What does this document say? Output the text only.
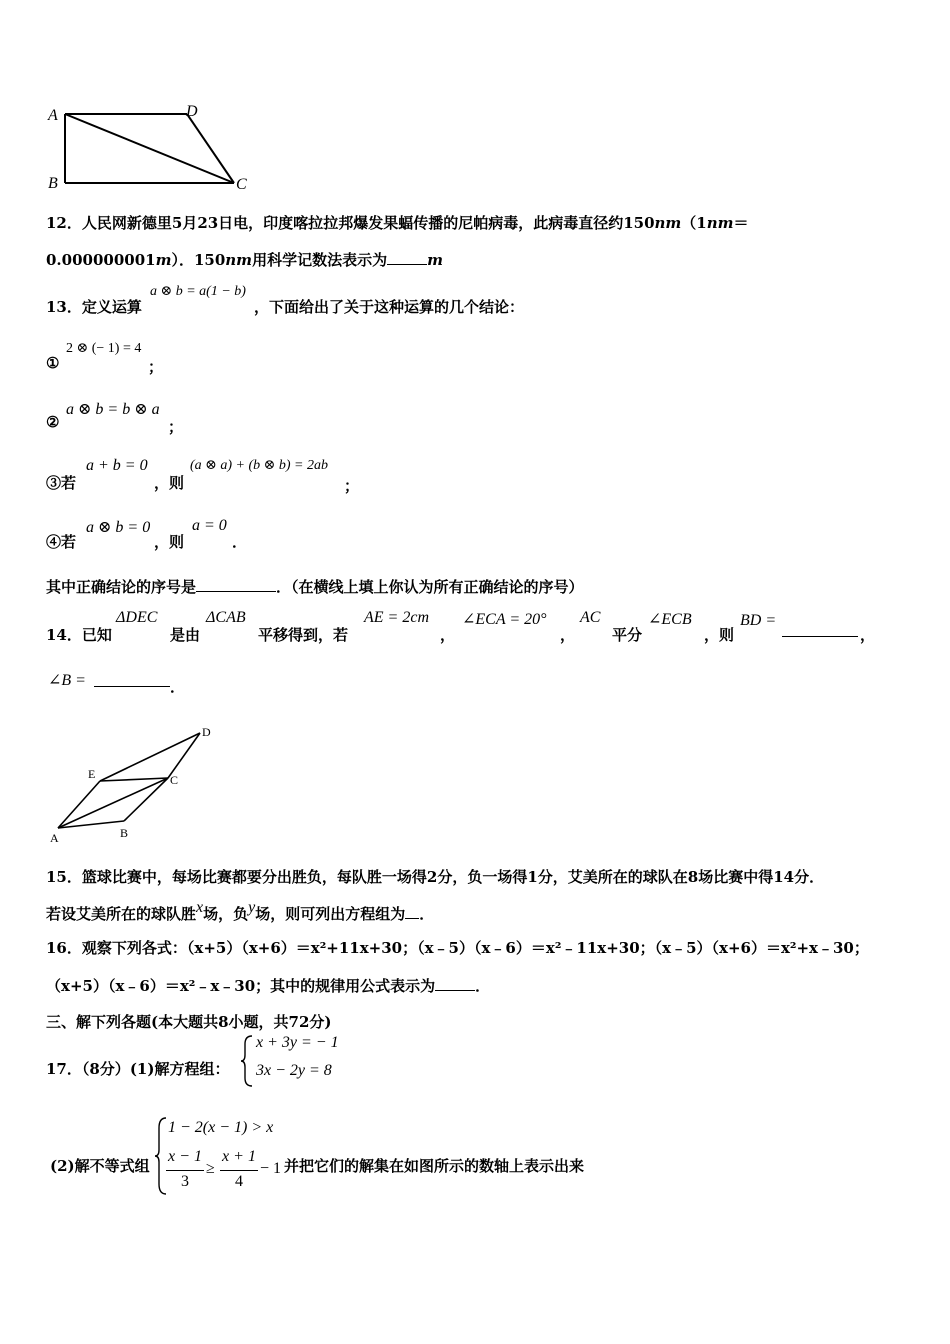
A	D
B	C
12．人民网新德里5月23日电，印度喀拉拉邦爆发果蝠传播的尼帕病毒，此病毒直径约150nm（1nm＝
0.000000001m）．150nm用科学记数法表示为	m
13．定义运算
a ⊗ b = a(1 − b)
，下面给出了关于这种运算的几个结论：
①
2 ⊗ (− 1) = 4
；
②
a ⊗ b = b ⊗ a
；
③若
a + b = 0
，则
(a ⊗ a) + (b ⊗ b) = 2ab
；
④若
a ⊗ b = 0
，则
a = 0
．
其中正确结论的序号是	．（在横线上填上你认为所有正确结论的序号）
14．已知
ΔDEC
是由
ΔCAB
平移得到，若
AE = 2cm
，
∠ECA = 20°
，
AC
平分
∠ECB
，则
BD =
，
∠B =	．
A	B
C
D
E
15．篮球比赛中，每场比赛都要分出胜负，每队胜一场得2分，负一场得1分，艾美所在的球队在8场比赛中得14分．
若设艾美所在的球队胜x场，负y场，则可列出方程组为 ．
16．观察下列各式：（x+5）（x+6）＝x²+11x+30；（x﹣5）（x﹣6）＝x²﹣11x+30；（x﹣5）（x+6）＝x²+x﹣30；
（x+5）（x﹣6）＝x²﹣x﹣30；其中的规律用公式表示为	．
三、解下列各题(本大题共8小题，共72分)
17．（8分）(1)解方程组：
x + 3y = − 1
3x − 2y = 8
(2)解不等式组
1 − 2(x − 1) > x
x − 1
3
≥
x + 1
4
− 1 并把它们的解集在如图所示的数轴上表示出来
